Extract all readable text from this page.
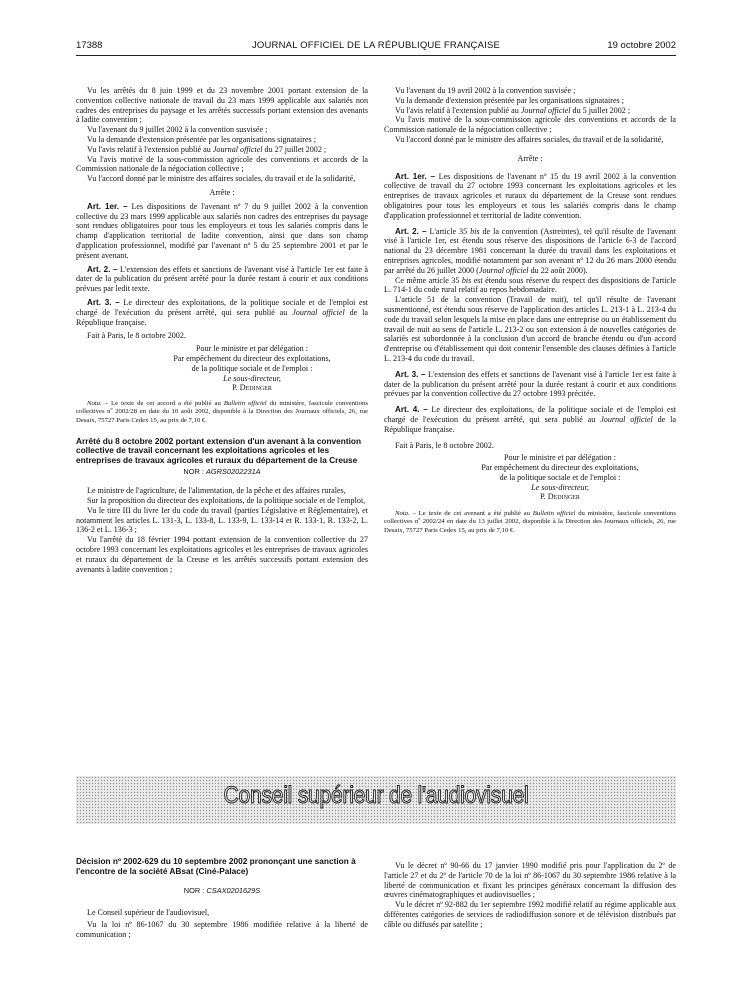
17388	JOURNAL OFFICIEL DE LA RÉPUBLIQUE FRANÇAISE	19 octobre 2002

Vu les arrêtés du 8 juin 1999 et du 23 novembre 2001 portant extension de la convention collective nationale de travail du 23 mars 1999 applicable aux salariés non cadres des entreprises du paysage et les arrêtés successifs portant extension des avenants à ladite convention ;

Vu l'avenant du 9 juillet 2002 à la convention susvisée ;

Vu la demande d'extension présentée par les organisations signataires ;

Vu l'avis relatif à l'extension publié au Journal officiel du 27 juillet 2002 ;

Vu l'avis motivé de la sous-commission agricole des conventions et accords de la Commission nationale de la négociation collective ;

Vu l'accord donné par le ministre des affaires sociales, du travail et de la solidarité,

Arrête :

Art. 1er. – Les dispositions de l'avenant nº 7 du 9 juillet 2002 à la convention collective du 23 mars 1999 applicable aux salariés non cadres des entreprises du paysage sont rendues obligatoires pour tous les employeurs et tous les salariés compris dans le champ d'application territorial de ladite convention, ainsi que dans son champ d'application professionnel, modifié par l'avenant nº 5 du 25 septembre 2001 et par le présent avenant.

Art. 2. – L'extension des effets et sanctions de l'avenant visé à l'article 1er est faite à dater de la publication du présent arrêté pour la durée restant à courir et aux conditions prévues par ledit texte.

Art. 3. – Le directeur des exploitations, de la politique sociale et de l'emploi est chargé de l'exécution du présent arrêté, qui sera publié au Journal officiel de la République française.

Fait à Paris, le 8 octobre 2002.

Pour le ministre et par délégation :

Par empêchement du directeur des exploitations,

de la politique sociale et de l'emploi :

Le sous-directeur,

P. Dedinger

Nota. – Le texte de cet accord a été publié au Bulletin officiel du ministère, fascicule conventions collectives nº 2002/28 en date du 10 août 2002, disponible à la Direction des Journaux officiels, 26, rue Desaix, 75727 Paris Cedex 15, au prix de 7,10 €.

Arrêté du 8 octobre 2002 portant extension d'un avenant à la convention collective de travail concernant les exploitations agricoles et les entreprises de travaux agricoles et ruraux du département de la Creuse

NOR : AGRS0202231A

Le ministre de l'agriculture, de l'alimentation, de la pêche et des affaires rurales,

Sur la proposition du directeur des exploitations, de la politique sociale et de l'emploi,

Vu le titre III du livre Ier du code du travail (parties Législative et Réglementaire), et notamment les articles L. 131-3, L. 133-8, L. 133-9, L. 133-14 et R. 133-1, R. 133-2, L. 136-2 et L. 136-3 ;

Vu l'arrêté du 18 février 1994 portant extension de la convention collective du 27 octobre 1993 concernant les exploitations agricoles et les entreprises de travaux agricoles et ruraux du département de la Creuse et les arrêtés successifs portant extension des avenants à ladite convention ;

Vu l'avenant du 19 avril 2002 à la convention susvisée ;

Vu la demande d'extension présentée par les organisations signataires ;

Vu l'avis relatif à l'extension publié au Journal officiel du 5 juillet 2002 ;

Vu l'avis motivé de la sous-commission agricole des conventions et accords de la Commission nationale de la négociation collective ;

Vu l'accord donné par le ministre des affaires sociales, du travail et de la solidarité,

Arrête :

Art. 1er. – Les dispositions de l'avenant nº 15 du 19 avril 2002 à la convention collective de travail du 27 octobre 1993 concernant les exploitations agricoles et les entreprises de travaux agricoles et ruraux du département de la Creuse sont rendues obligatoires pour tous les employeurs et tous les salariés compris dans le champ d'application professionnel et territorial de ladite convention.

Art. 2. – L'article 35 bis de la convention (Astreintes), tel qu'il résulte de l'avenant visé à l'article 1er, est étendu sous réserve des dispositions de l'article 6-3 de l'accord national du 23 décembre 1981 concernant la durée du travail dans les exploitations et entreprises agricoles, modifié notamment par son avenant nº 12 du 26 mars 2000 étendu par arrêté du 26 juillet 2000 (Journal officiel du 22 août 2000).

Ce même article 35 bis est étendu sous réserve du respect des dispositions de l'article L. 714-1 du code rural relatif au repos hebdomadaire.

L'article 51 de la convention (Travail de nuit), tel qu'il résulte de l'avenant susmentionné, est étendu sous réserve de l'application des articles L. 213-1 à L. 213-4 du code du travail selon lesquels la mise en place dans une entreprise ou un établissement du travail de nuit au sens de l'article L. 213-2 ou son extension à de nouvelles catégories de salariés est subordonnée à la conclusion d'un accord de branche étendu ou d'un accord d'entreprise ou d'établissement qui doit contenir l'ensemble des clauses définies à l'article L. 213-4 du code du travail.

Art. 3. – L'extension des effets et sanctions de l'avenant visé à l'article 1er est faite à dater de la publication du présent arrêté pour la durée restant à courir et aux conditions prévues par la convention collective du 27 octobre 1993 précitée.

Art. 4. – Le directeur des exploitations, de la politique sociale et de l'emploi est chargé de l'exécution du présent arrêté, qui sera publié au Journal officiel de la République française.

Fait à Paris, le 8 octobre 2002.

Pour le ministre et par délégation :

Par empêchement du directeur des exploitations,

de la politique sociale et de l'emploi :

Le sous-directeur,

P. Dedinger

Nota. – Le texte de cet avenant a été publié au Bulletin officiel du ministère, fascicule conventions collectives nº 2002/24 en date du 13 juillet 2002, disponible à la Direction des Journaux officiels, 26, rue Desaix, 75727 Paris Cedex 15, au prix de 7,10 €.

Conseil supérieur de l'audiovisuel

Décision nº 2002-629 du 10 septembre 2002 prononçant une sanction à l'encontre de la société ABsat (Ciné-Palace)

NOR : CSAX0201629S

Le Conseil supérieur de l'audiovisuel,

Vu la loi nº 86-1067 du 30 septembre 1986 modifiée relative à la liberté de communication ;

Vu le décret nº 90-66 du 17 janvier 1990 modifié pris pour l'application du 2º de l'article 27 et du 2º de l'article 70 de la loi nº 86-1067 du 30 septembre 1986 relative à la liberté de communication et fixant les principes généraux concernant la diffusion des œuvres cinématographiques et audiovisuelles ;

Vu le décret nº 92-882 du 1er septembre 1992 modifié relatif au régime applicable aux différentes catégories de services de radiodiffusion sonore et de télévision distribués par câble ou diffusés par satellite ;
